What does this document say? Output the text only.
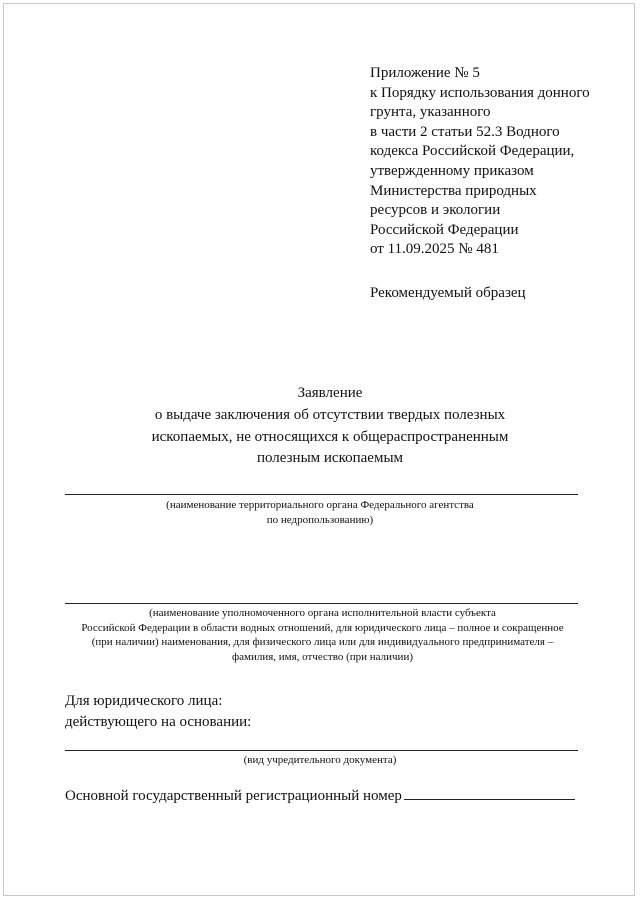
Приложение № 5
к Порядку использования донного
грунта, указанного
в части 2 статьи 52.3 Водного
кодекса Российской Федерации,
утвержденному приказом
Министерства природных
ресурсов и экологии
Российской Федерации
от 11.09.2025 № 481
Рекомендуемый образец
Заявление
о выдаче заключения об отсутствии твердых полезных
ископаемых, не относящихся к общераспространенным
полезным ископаемым
(наименование территориального органа Федерального агентства
по недропользованию)
(наименование уполномоченного органа исполнительной власти субъекта
Российской Федерации в области водных отношений, для юридического лица – полное и сокращенное
(при наличии) наименования, для физического лица или для индивидуального предпринимателя –
фамилия, имя, отчество (при наличии)
Для юридического лица:
действующего на основании:
(вид учредительного документа)
Основной государственный регистрационный номер
